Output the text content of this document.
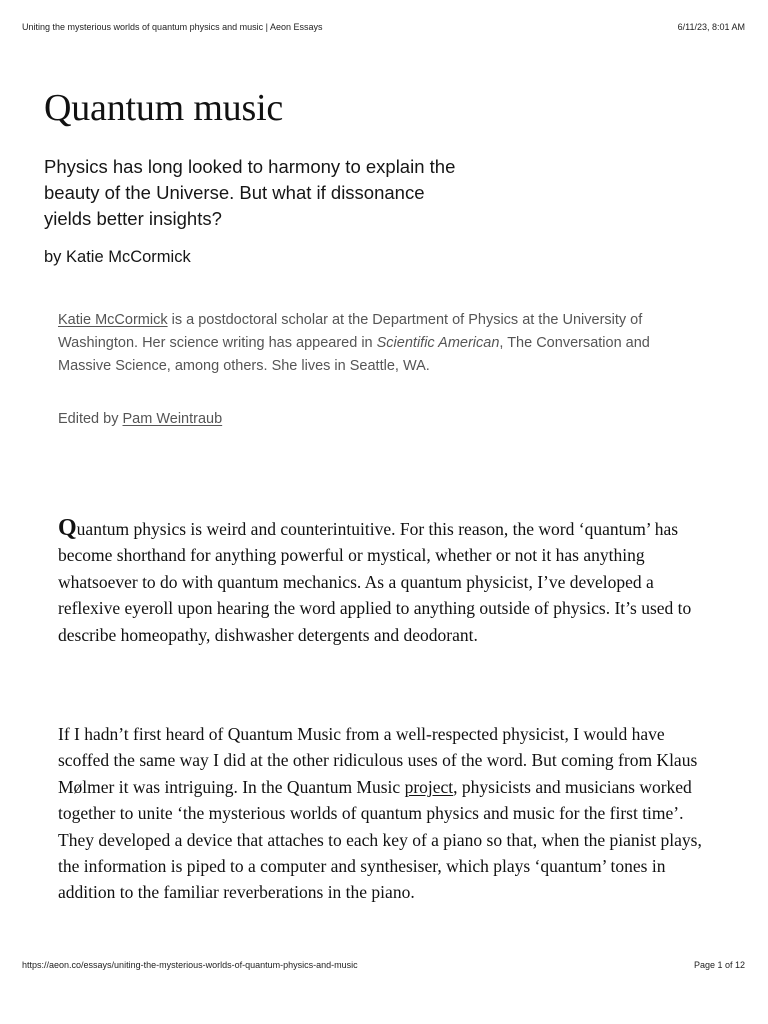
Uniting the mysterious worlds of quantum physics and music | Aeon Essays	6/11/23, 8:01 AM
Quantum music

Physics has long looked to harmony to explain the
beauty of the Universe. But what if dissonance
yields better insights?

by Katie McCormick

Katie McCormick is a postdoctoral scholar at the Department of Physics at the University of Washington. Her science writing has appeared in Scientific American, The Conversation and Massive Science, among others. She lives in Seattle, WA.

Edited by Pam Weintraub

Quantum physics is weird and counterintuitive. For this reason, the word ‘quantum’ has become shorthand for anything powerful or mystical, whether or not it has anything whatsoever to do with quantum mechanics. As a quantum physicist, I’ve developed a reflexive eyeroll upon hearing the word applied to anything outside of physics. It’s used to describe homeopathy, dishwasher detergents and deodorant.

If I hadn’t first heard of Quantum Music from a well-respected physicist, I would have scoffed the same way I did at the other ridiculous uses of the word. But coming from Klaus Mølmer it was intriguing. In the Quantum Music project, physicists and musicians worked together to unite ‘the mysterious worlds of quantum physics and music for the first time’. They developed a device that attaches to each key of a piano so that, when the pianist plays, the information is piped to a computer and synthesiser, which plays ‘quantum’ tones in addition to the familiar reverberations in the piano.

https://aeon.co/essays/uniting-the-mysterious-worlds-of-quantum-physics-and-music	Page 1 of 12
